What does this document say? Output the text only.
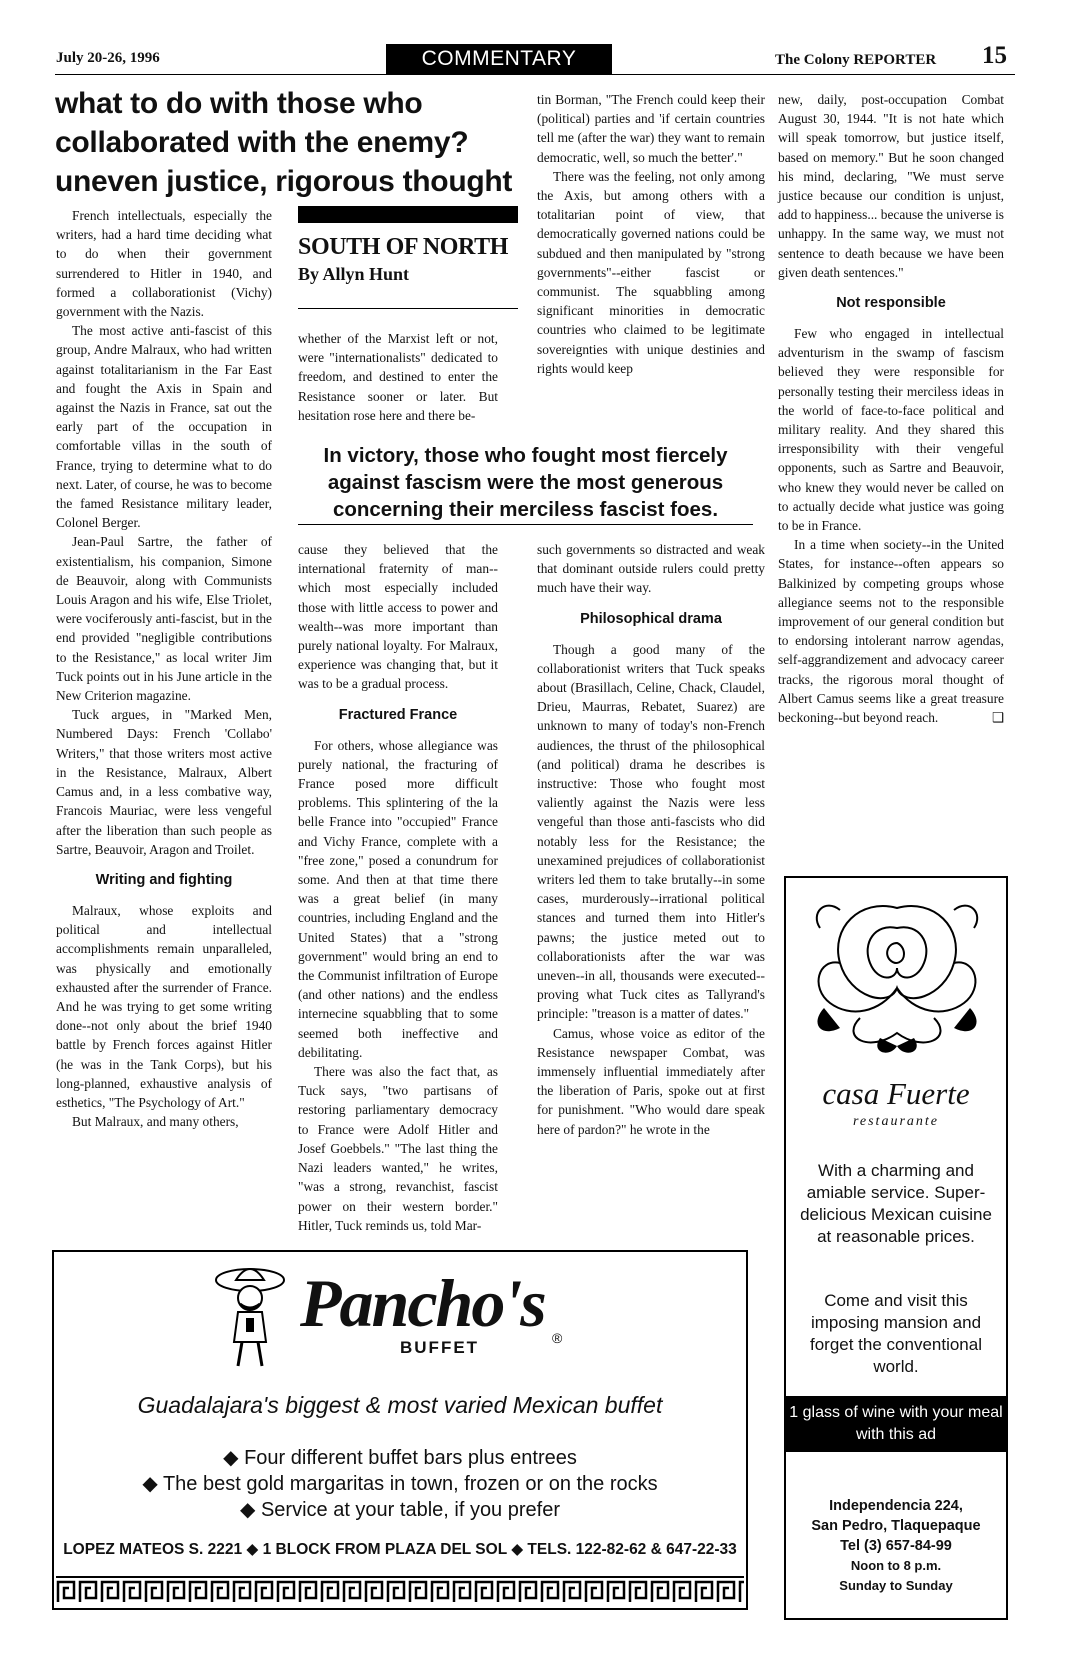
July 20-26, 1996	COMMENTARY	The Colony REPORTER 15
what to do with those who
collaborated with the enemy?
uneven justice, rigorous thought

French intellectuals, especially the writers, had a hard time deciding what to do when their government surrendered to Hitler in 1940, and formed a collaborationist (Vichy) government with the Nazis.

The most active anti-fascist of this group, Andre Malraux, who had written against totalitarianism in the Far East and fought the Axis in Spain and against the Nazis in France, sat out the early part of the occupation in comfortable villas in the south of France, trying to determine what to do next. Later, of course, he was to become the famed Resistance military leader, Colonel Berger.

Jean-Paul Sartre, the father of existentialism, his companion, Simone de Beauvoir, along with Communists Louis Aragon and his wife, Else Triolet, were vociferously anti-fascist, but in the end provided "negligible contributions to the Resistance," as local writer Jim Tuck points out in his June article in the New Criterion magazine.

Tuck argues, in "Marked Men, Numbered Days: French 'Collabo' Writers," that those writers most active in the Resistance, Malraux, Albert Camus and, in a less combative way, Francois Mauriac, were less vengeful after the liberation than such people as Sartre, Beauvoir, Aragon and Troilet.

Writing and fighting

Malraux, whose exploits and political and intellectual accomplishments remain unparalleled, was physically and emotionally exhausted after the surrender of France. And he was trying to get some writing done--not only about the brief 1940 battle by French forces against Hitler (he was in the Tank Corps), but his long-planned, exhaustive analysis of esthetics, "The Psychology of Art."

But Malraux, and many others,

SOUTH OF NORTH
By Allyn Hunt

whether of the Marxist left or not, were "internationalists" dedicated to freedom, and destined to enter the Resistance sooner or later. But hesitation rose here and there be-

tin Borman, "The French could keep their (political) parties and 'if certain countries tell me (after the war) they want to remain democratic, well, so much the better'."

There was the feeling, not only among the Axis, but among others with a totalitarian point of view, that democratically governed nations could be subdued and then manipulated by "strong governments"--either fascist or communist. The squabbling among significant minorities in democratic countries who claimed to be legitimate sovereignties with unique destinies and rights would keep

In victory, those who fought most fiercely against fascism were the most generous concerning their merciless fascist foes.

cause they believed that the international fraternity of man--which most especially included those with little access to power and wealth--was more important than purely national loyalty. For Malraux, experience was changing that, but it was to be a gradual process.

Fractured France

For others, whose allegiance was purely national, the fracturing of France posed more difficult problems. This splintering of the la belle France into "occupied" France and Vichy France, complete with a "free zone," posed a conundrum for some. And then at that time there was a great belief (in many countries, including England and the United States) that a "strong government" would bring an end to the Communist infiltration of Europe (and other nations) and the endless internecine squabbling that to some seemed both ineffective and debilitating.

There was also the fact that, as Tuck says, "two partisans of restoring parliamentary democracy to France were Adolf Hitler and Josef Goebbels." "The last thing the Nazi leaders wanted," he writes, "was a strong, revanchist, fascist power on their western border." Hitler, Tuck reminds us, told Mar-

such governments so distracted and weak that dominant outside rulers could pretty much have their way.

Philosophical drama

Though a good many of the collaborationist writers that Tuck speaks about (Brasillach, Celine, Chack, Claudel, Drieu, Maurras, Rebatet, Suarez) are unknown to many of today's non-French audiences, the thrust of the philosophical (and political) drama he describes is instructive: Those who fought most valiently against the Nazis were less vengeful than those anti-fascists who did notably less for the Resistance; the unexamined prejudices of collaborationist writers led them to take brutally--in some cases, murderously--irrational political stances and turned them into Hitler's pawns; the justice meted out to collaborationists after the war was uneven--in all, thousands were executed--proving what Tuck cites as Tallyrand's principle: "treason is a matter of dates."

Camus, whose voice as editor of the Resistance newspaper Combat, was immensely influential immediately after the liberation of Paris, spoke out at first for punishment. "Who would dare speak here of pardon?" he wrote in the

new, daily, post-occupation Combat August 30, 1944. "It is not hate which will speak tomorrow, but justice itself, based on memory." But he soon changed his mind, declaring, "We must serve justice because our condition is unjust, add to happiness... because the universe is unhappy. In the same way, we must not sentence to death because we have been given death sentences."

Not responsible

Few who engaged in intellectual adventurism in the swamp of fascism believed they were responsible for personally testing their merciless ideas in the world of face-to-face political and military reality. And they shared this irresponsibility with their vengeful opponents, such as Sartre and Beauvoir, who knew they would never be called on to actually decide what justice was going to be in France.

In a time when society--in the United States, for instance--often appears so Balkinized by competing groups whose allegiance seems not to the responsible improvement of our general condition but to endorsing intolerant narrow agendas, self-aggrandizement and advocacy career tracks, the rigorous moral thought of Albert Camus seems like a great treasure beckoning--but beyond reach.	❑

Pancho's
BUFFET	®
Guadalajara's biggest & most varied Mexican buffet
◆ Four different buffet bars plus entrees
◆ The best gold margaritas in town, frozen or on the rocks
◆ Service at your table, if you prefer
LOPEZ MATEOS S. 2221 ◆ 1 BLOCK FROM PLAZA DEL SOL ◆ TELS. 122-82-62 & 647-22-33
casa Fuerte
restaurante
With a charming and amiable service. Super-delicious Mexican cuisine at reasonable prices.
Come and visit this imposing mansion and forget the conventional world.
1 glass of wine with your meal with this ad
Independencia 224,
San Pedro, Tlaquepaque
Tel (3) 657-84-99
Noon to 8 p.m.
Sunday to Sunday
